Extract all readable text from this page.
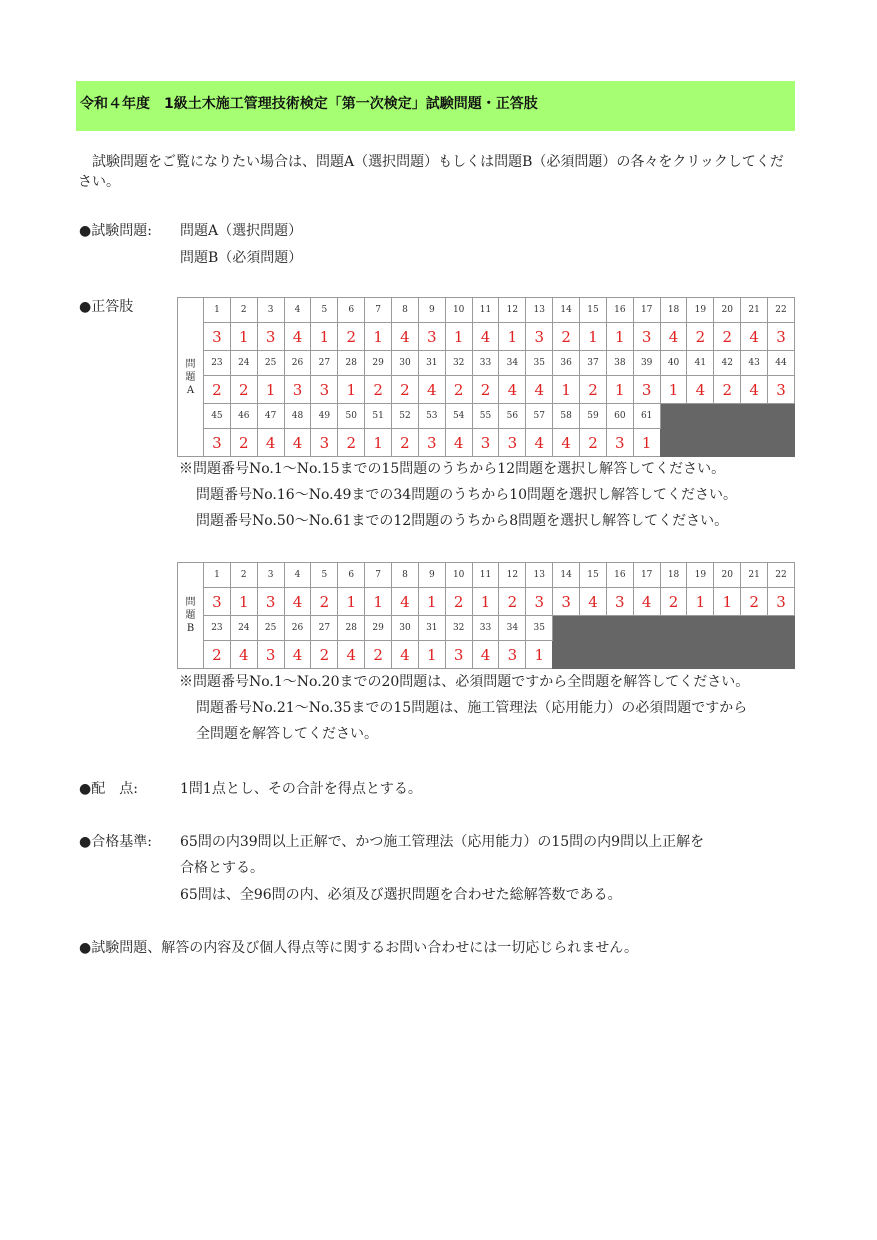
令和４年度　1級土木施工管理技術検定「第一次検定」試験問題・正答肢
　試験問題をご覧になりたい場合は、問題A（選択問題）もしくは問題B（必須問題）の各々をクリックしてくだ
さい。
●試験問題: 問題A（選択問題）
問題B（必須問題）
●正答肢
問
題
A	1	2	3	4	5	6	7	8	9	10	11	12	13	14	15	16	17	18	19	20	21	22
	3	1	3	4	1	2	1	4	3	1	4	1	3	2	1	1	3	4	2	2	4	3
	23	24	25	26	27	28	29	30	31	32	33	34	35	36	37	38	39	40	41	42	43	44
	2	2	1	3	3	1	2	2	4	2	2	4	4	1	2	1	3	1	4	2	4	3
	45	46	47	48	49	50	51	52	53	54	55	56	57	58	59	60	61					
	3	2	4	4	3	2	1	2	3	4	3	3	4	4	2	3	1					
※問題番号No.1～No.15までの15問題のうちから12問題を選択し解答してください。
問題番号No.16～No.49までの34問題のうちから10問題を選択し解答してください。
問題番号No.50～No.61までの12問題のうちから8問題を選択し解答してください。
問
題
B	1	2	3	4	5	6	7	8	9	10	11	12	13	14	15	16	17	18	19	20	21	22
	3	1	3	4	2	1	1	4	1	2	1	2	3	3	4	3	4	2	1	1	2	3
	23	24	25	26	27	28	29	30	31	32	33	34	35									
	2	4	3	4	2	4	2	4	1	3	4	3	1									
※問題番号No.1～No.20までの20問題は、必須問題ですから全問題を解答してください。
問題番号No.21～No.35までの15問題は、施工管理法（応用能力）の必須問題ですから
全問題を解答してください。
●配　点:	1問1点とし、その合計を得点とする。
●合格基準: 65問の内39問以上正解で、かつ施工管理法（応用能力）の15問の内9問以上正解を
合格とする。
65問は、全96問の内、必須及び選択問題を合わせた総解答数である。
●試験問題、解答の内容及び個人得点等に関するお問い合わせには一切応じられません。
